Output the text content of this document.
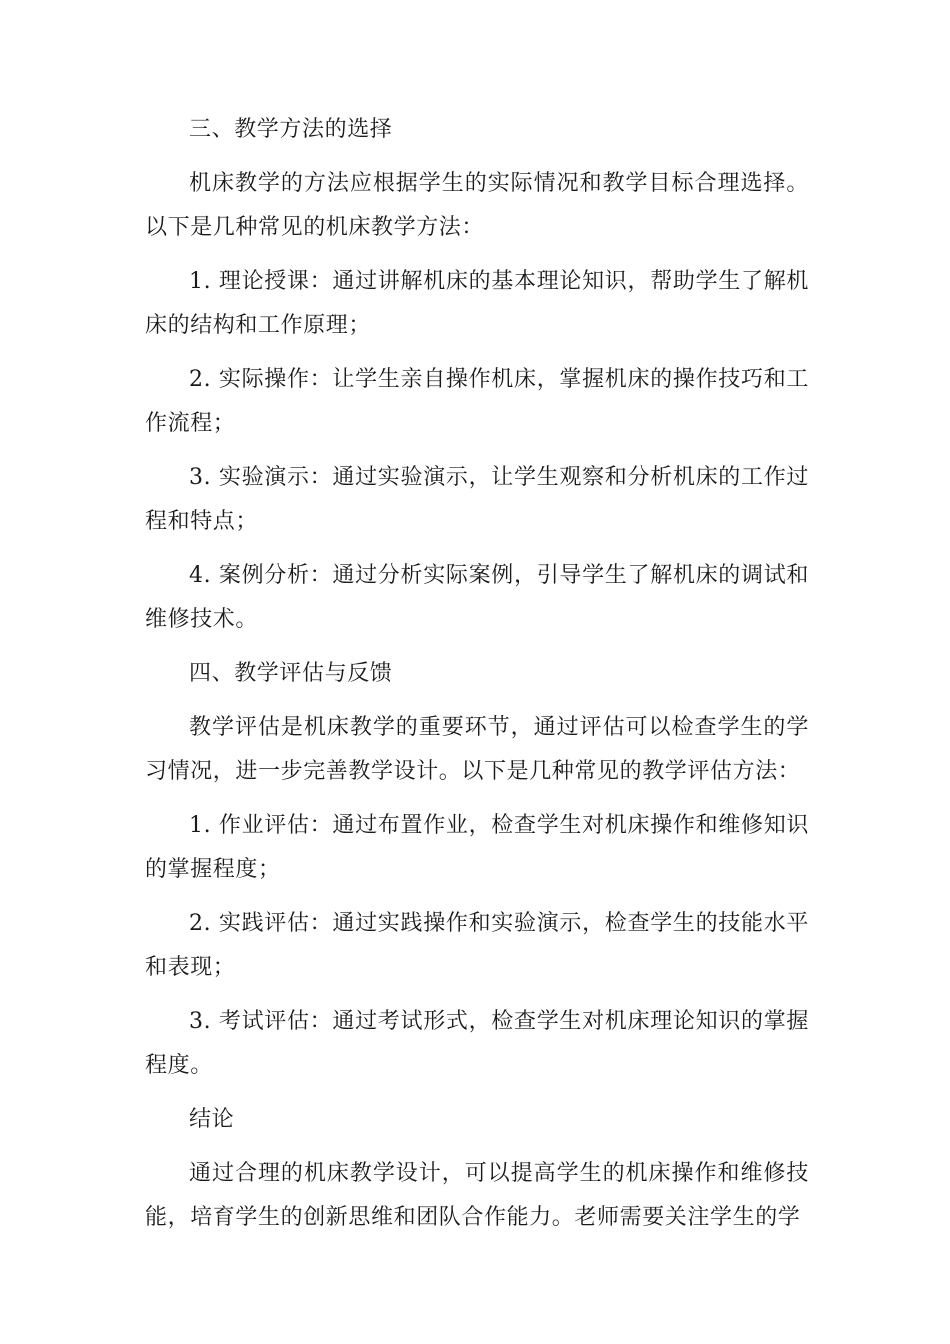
三、教学方法的选择

机床教学的方法应根据学生的实际情况和教学目标合理选择。以下是几种常见的机床教学方法：

1. 理论授课：通过讲解机床的基本理论知识，帮助学生了解机床的结构和工作原理；

2. 实际操作：让学生亲自操作机床，掌握机床的操作技巧和工作流程；

3. 实验演示：通过实验演示，让学生观察和分析机床的工作过程和特点；

4. 案例分析：通过分析实际案例，引导学生了解机床的调试和维修技术。

四、教学评估与反馈

教学评估是机床教学的重要环节，通过评估可以检查学生的学习情况，进一步完善教学设计。以下是几种常见的教学评估方法：

1. 作业评估：通过布置作业，检查学生对机床操作和维修知识的掌握程度；

2. 实践评估：通过实践操作和实验演示，检查学生的技能水平和表现；

3. 考试评估：通过考试形式，检查学生对机床理论知识的掌握程度。

结论

通过合理的机床教学设计，可以提高学生的机床操作和维修技能，培育学生的创新思维和团队合作能力。老师需要关注学生的学
